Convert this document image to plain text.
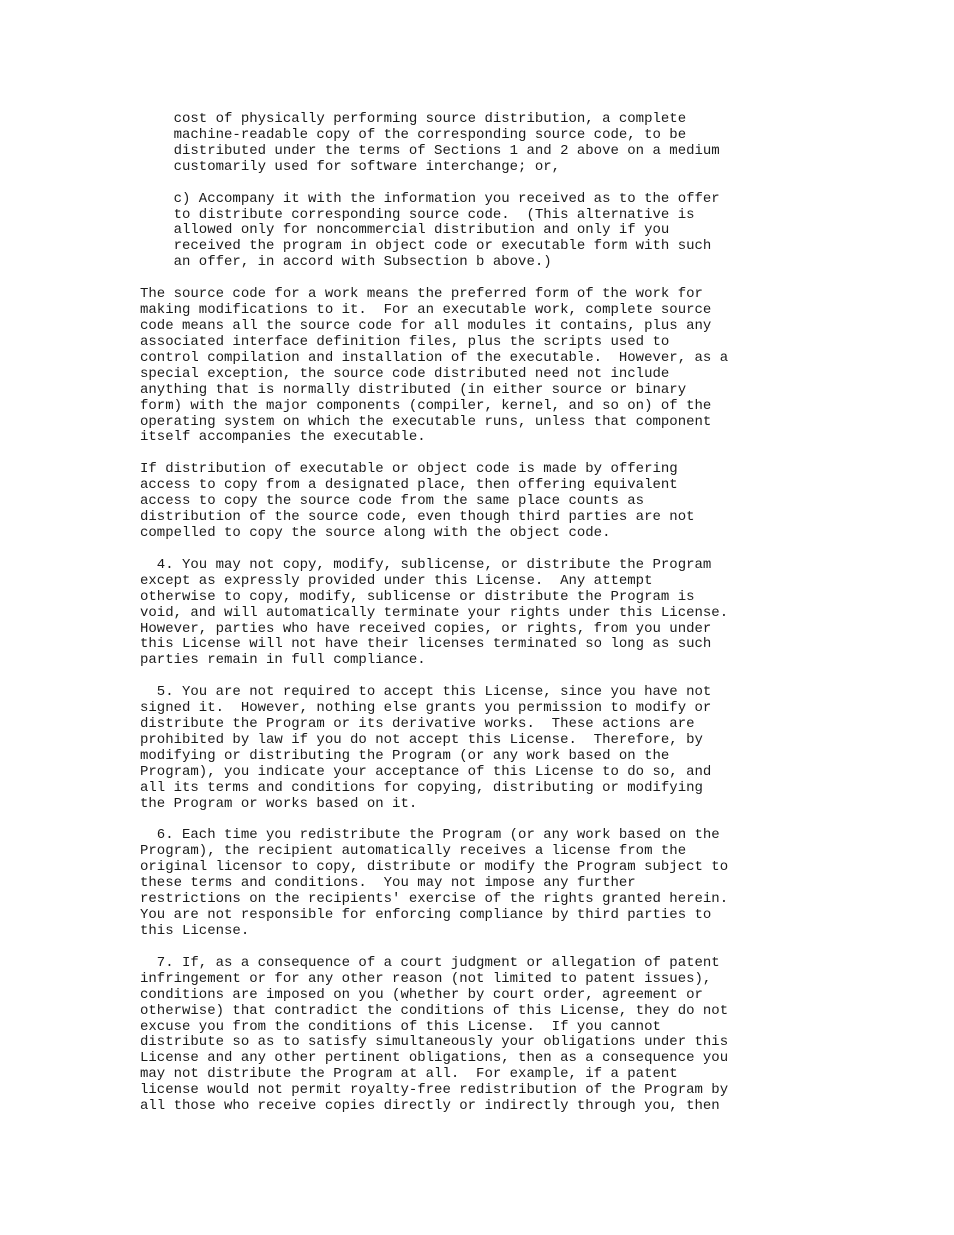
cost of physically performing source distribution, a complete
machine-readable copy of the corresponding source code, to be
distributed under the terms of Sections 1 and 2 above on a medium
customarily used for software interchange; or,

c) Accompany it with the information you received as to the offer
to distribute corresponding source code.  (This alternative is
allowed only for noncommercial distribution and only if you
received the program in object code or executable form with such
an offer, in accord with Subsection b above.)

The source code for a work means the preferred form of the work for
making modifications to it.  For an executable work, complete source
code means all the source code for all modules it contains, plus any
associated interface definition files, plus the scripts used to
control compilation and installation of the executable.  However, as a
special exception, the source code distributed need not include
anything that is normally distributed (in either source or binary
form) with the major components (compiler, kernel, and so on) of the
operating system on which the executable runs, unless that component
itself accompanies the executable.

If distribution of executable or object code is made by offering
access to copy from a designated place, then offering equivalent
access to copy the source code from the same place counts as
distribution of the source code, even though third parties are not
compelled to copy the source along with the object code.

4. You may not copy, modify, sublicense, or distribute the Program
except as expressly provided under this License.  Any attempt
otherwise to copy, modify, sublicense or distribute the Program is
void, and will automatically terminate your rights under this License.
However, parties who have received copies, or rights, from you under
this License will not have their licenses terminated so long as such
parties remain in full compliance.

5. You are not required to accept this License, since you have not
signed it.  However, nothing else grants you permission to modify or
distribute the Program or its derivative works.  These actions are
prohibited by law if you do not accept this License.  Therefore, by
modifying or distributing the Program (or any work based on the
Program), you indicate your acceptance of this License to do so, and
all its terms and conditions for copying, distributing or modifying
the Program or works based on it.

6. Each time you redistribute the Program (or any work based on the
Program), the recipient automatically receives a license from the
original licensor to copy, distribute or modify the Program subject to
these terms and conditions.  You may not impose any further
restrictions on the recipients' exercise of the rights granted herein.
You are not responsible for enforcing compliance by third parties to
this License.

7. If, as a consequence of a court judgment or allegation of patent
infringement or for any other reason (not limited to patent issues),
conditions are imposed on you (whether by court order, agreement or
otherwise) that contradict the conditions of this License, they do not
excuse you from the conditions of this License.  If you cannot
distribute so as to satisfy simultaneously your obligations under this
License and any other pertinent obligations, then as a consequence you
may not distribute the Program at all.  For example, if a patent
license would not permit royalty-free redistribution of the Program by
all those who receive copies directly or indirectly through you, then
